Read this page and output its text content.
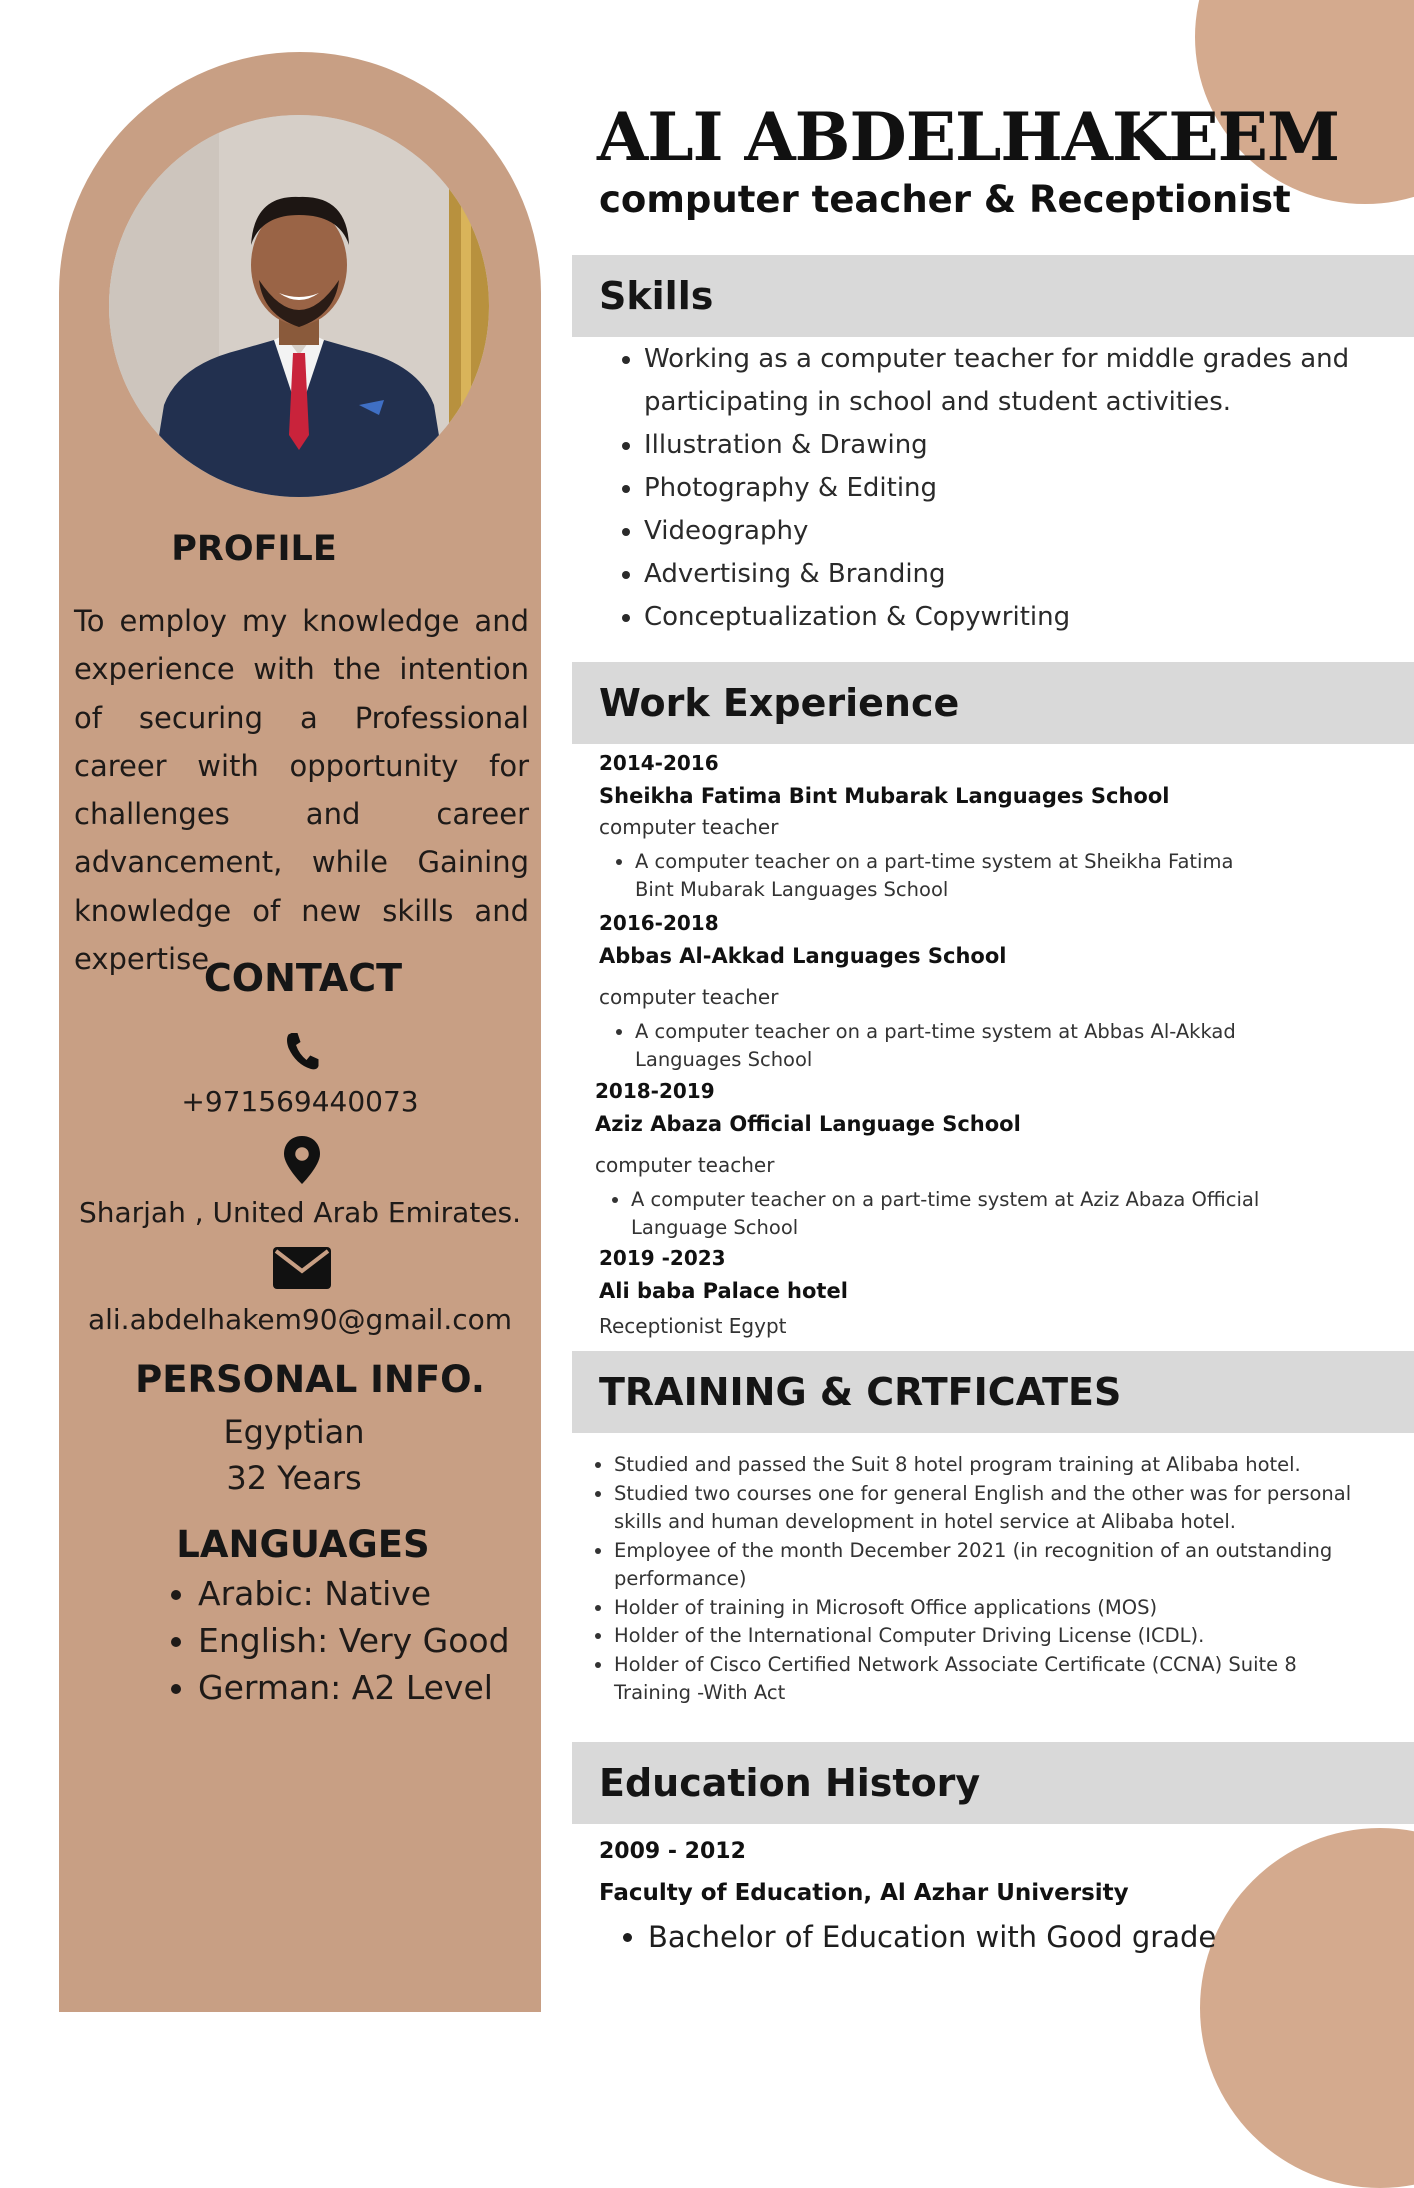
PROFILE
To employ my knowledge and experience with the intention of securing a Professional career with opportunity for challenges and career advancement, while Gaining knowledge of new skills and expertise.
CONTACT
+971569440073
Sharjah , United Arab Emirates.
ali.abdelhakem90@gmail.com
PERSONAL INFO.
Egyptian
32 Years
LANGUAGES
• Arabic: Native
• English: Very Good
• German: A2 Level
ALI ABDELHAKEEM
computer teacher & Receptionist
Skills
• Working as a computer teacher for middle grades and participating in school and student activities.
• Illustration & Drawing
• Photography & Editing
• Videography
• Advertising & Branding
• Conceptualization & Copywriting
Work Experience
2014-2016
Sheikha Fatima Bint Mubarak Languages School
computer teacher
• A computer teacher on a part-time system at Sheikha Fatima Bint Mubarak Languages School
2016-2018
Abbas Al-Akkad Languages School
computer teacher
• A computer teacher on a part-time system at Abbas Al-Akkad Languages School
2018-2019
Aziz Abaza Official Language School
computer teacher
• A computer teacher on a part-time system at Aziz Abaza Official Language School
2019 -2023
Ali baba Palace hotel
Receptionist Egypt
TRAINING & CRTFICATES
• Studied and passed the Suit 8 hotel program training at Alibaba hotel.
• Studied two courses one for general English and the other was for personal skills and human development in hotel service at Alibaba hotel.
• Employee of the month December 2021 (in recognition of an outstanding performance)
• Holder of training in Microsoft Office applications (MOS)
• Holder of the International Computer Driving License (ICDL).
• Holder of Cisco Certified Network Associate Certificate (CCNA) Suite 8 Training -With Act
Education History
2009 - 2012
Faculty of Education, Al Azhar University
• Bachelor of Education with Good grade
